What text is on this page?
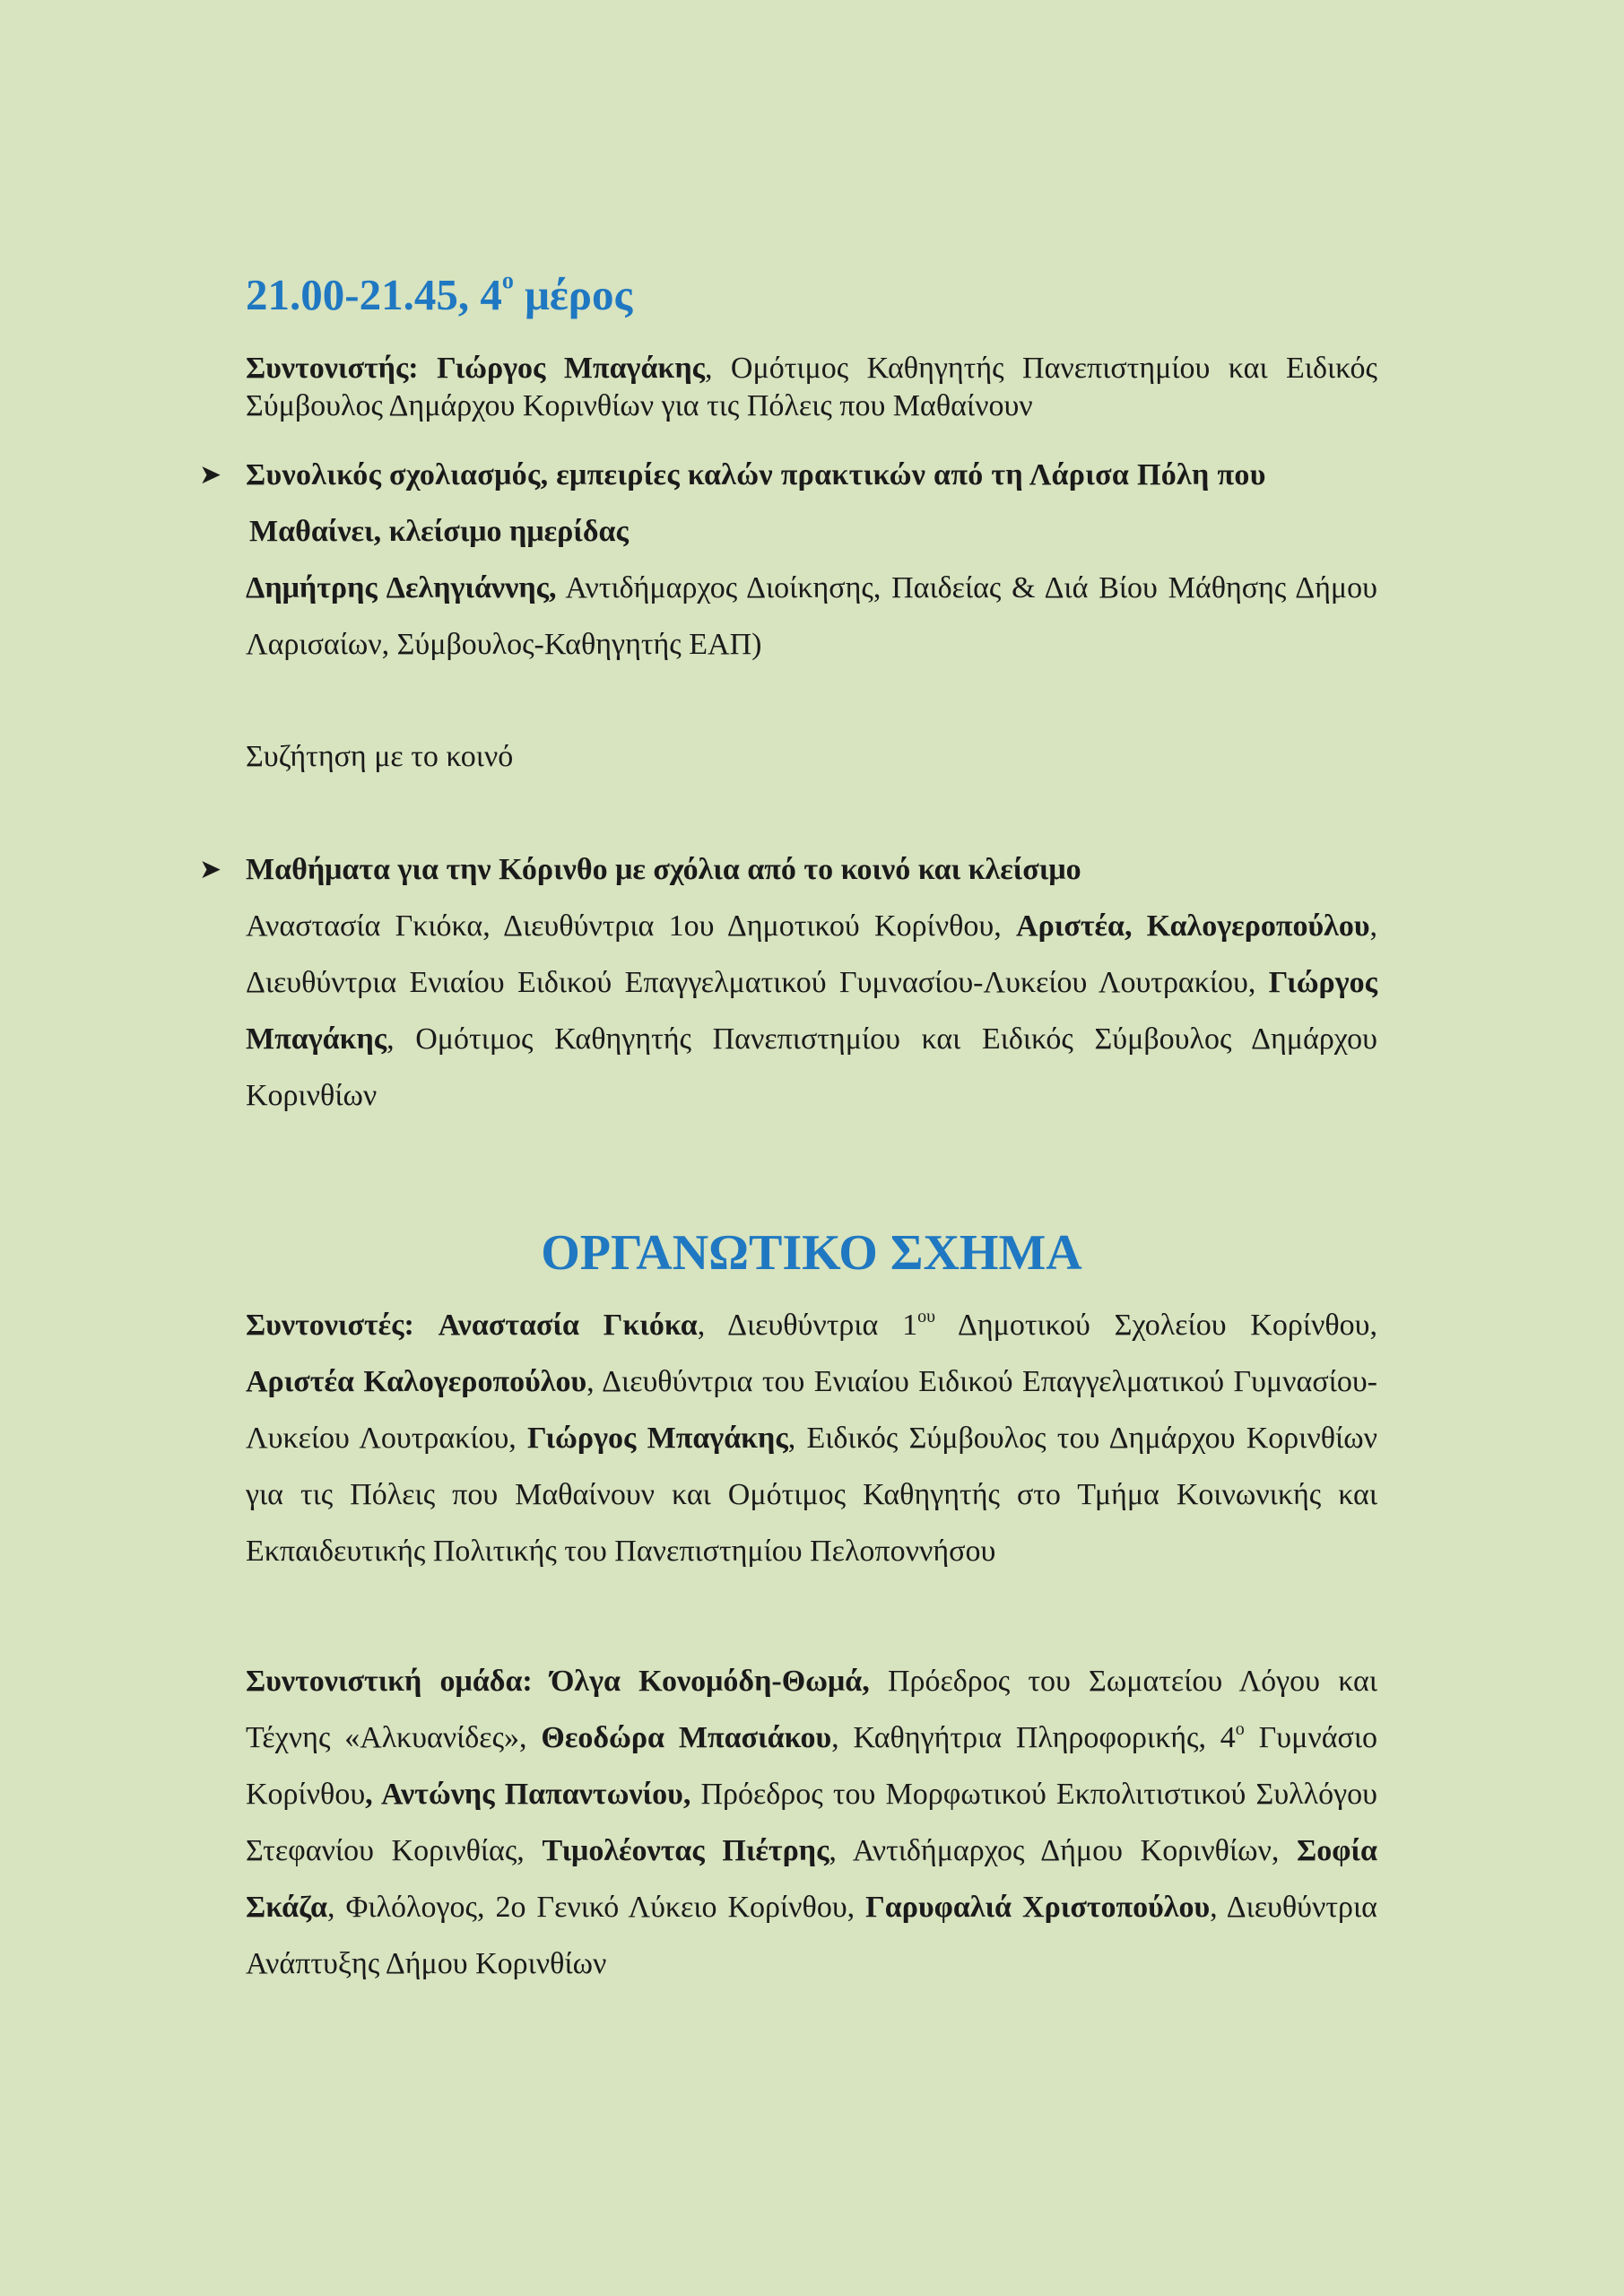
21.00-21.45, $4^o$ μέρος

Συντονιστής: Γιώργος Μπαγάκης, Ομότιμος Καθηγητής Πανεπιστημίου και Ειδικός Σύμβουλος Δημάρχου Κορινθίων για τις Πόλεις που Μαθαίνουν

➤ Συνολικός σχολιασμός, εμπειρίες καλών πρακτικών από τη Λάρισα Πόλη που
Μαθαίνει, κλείσιμο ημερίδας
Δημήτρης Δεληγιάννης, Αντιδήμαρχος Διοίκησης, Παιδείας & Διά Βίου Μάθησης Δήμου Λαρισαίων, Σύμβουλος-Καθηγητής ΕΑΠ)

Συζήτηση με το κοινό

➤ Μαθήματα για την Κόρινθο με σχόλια από το κοινό και κλείσιμο
Αναστασία Γκιόκα, Διευθύντρια 1ου Δημοτικού Κορίνθου, Αριστέα, Καλογεροπούλου, Διευθύντρια Ενιαίου Ειδικού Επαγγελματικού Γυμνασίου-Λυκείου Λουτρακίου, Γιώργος Μπαγάκης, Ομότιμος Καθηγητής Πανεπιστημίου και Ειδικός Σύμβουλος Δημάρχου Κορινθίων
ΟΡΓΑΝΩΤΙΚΟ ΣΧΗΜΑ

Συντονιστές: Αναστασία Γκιόκα, Διευθύντρια $1^{o\upsilon}$ Δημοτικού Σχολείου Κορίνθου, Αριστέα Καλογεροπούλου, Διευθύντρια του Ενιαίου Ειδικού Επαγγελματικού Γυμνασίου-Λυκείου Λουτρακίου, Γιώργος Μπαγάκης, Ειδικός Σύμβουλος του Δημάρχου Κορινθίων για τις Πόλεις που Μαθαίνουν και Ομότιμος Καθηγητής στο Τμήμα Κοινωνικής και Εκπαιδευτικής Πολιτικής του Πανεπιστημίου Πελοποννήσου

Συντονιστική ομάδα: Όλγα Κονομόδη-Θωμά, Πρόεδρος του Σωματείου Λόγου και Τέχνης «Αλκυανίδες», Θεοδώρα Μπασιάκου, Καθηγήτρια Πληροφορικής, $4^o$ Γυμνάσιο Κορίνθου, Αντώνης Παπαντωνίου, Πρόεδρος του Μορφωτικού Εκπολιτιστικού Συλλόγου Στεφανίου Κορινθίας, Τιμολέοντας Πιέτρης, Αντιδήμαρχος Δήμου Κορινθίων, Σοφία Σκάζα, Φιλόλογος, 2ο Γενικό Λύκειο Κορίνθου, Γαρυφαλιά Χριστοπούλου, Διευθύντρια Ανάπτυξης Δήμου Κορινθίων
